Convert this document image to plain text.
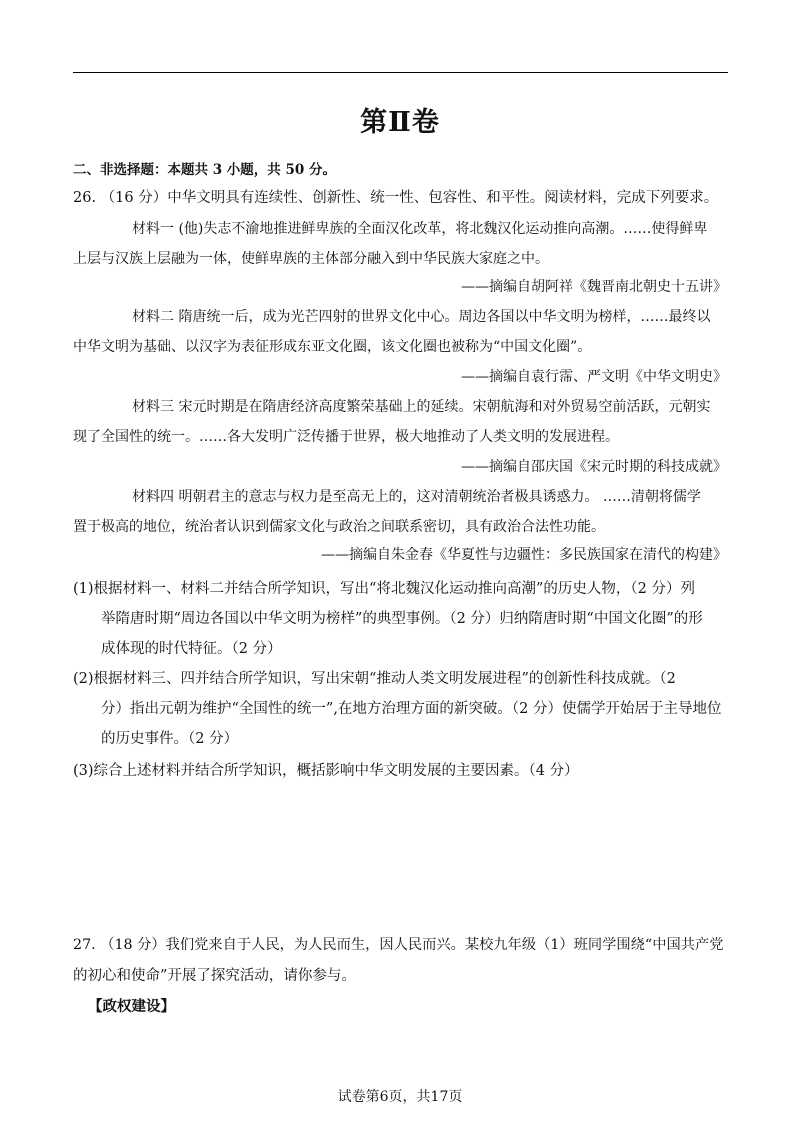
第Ⅱ卷
二、非选择题：本题共 3 小题，共 50 分。
26. （16 分）中华文明具有连续性、创新性、统一性、包容性、和平性。阅读材料，完成下列要求。
材料一 (他)失志不渝地推进鲜卑族的全面汉化改革，将北魏汉化运动推向高潮。……使得鲜卑
上层与汉族上层融为一体，使鲜卑族的主体部分融入到中华民族大家庭之中。
——摘编自胡阿祥《魏晋南北朝史十五讲》
材料二 隋唐统一后，成为光芒四射的世界文化中心。周边各国以中华文明为榜样，……最终以
中华文明为基础、以汉字为表征形成东亚文化圈，该文化圈也被称为“中国文化圈”。
——摘编自袁行霈、严文明《中华文明史》
材料三 宋元时期是在隋唐经济高度繁荣基础上的延续。宋朝航海和对外贸易空前活跃，元朝实
现了全国性的统一。……各大发明广泛传播于世界，极大地推动了人类文明的发展进程。
——摘编自邵庆国《宋元时期的科技成就》
材料四 明朝君主的意志与权力是至高无上的，这对清朝统治者极具诱惑力。 ……清朝将儒学
置于极高的地位，统治者认识到儒家文化与政治之间联系密切，具有政治合法性功能。
——摘编自朱金春《华夏性与边疆性：多民族国家在清代的构建》
(1)根据材料一、材料二并结合所学知识，写出“将北魏汉化运动推向高潮”的历史人物，（2 分）列
举隋唐时期“周边各国以中华文明为榜样”的典型事例。（2 分）归纳隋唐时期“中国文化圈”的形
成体现的时代特征。（2 分）
(2)根据材料三、四并结合所学知识，写出宋朝“推动人类文明发展进程”的创新性科技成就。（2
分）指出元朝为维护“全国性的统一”,在地方治理方面的新突破。（2 分）使儒学开始居于主导地位
的历史事件。（2 分）
(3)综合上述材料并结合所学知识，概括影响中华文明发展的主要因素。（4 分）
27. （18 分）我们党来自于人民，为人民而生，因人民而兴。某校九年级（1）班同学围绕“中国共产党
的初心和使命”开展了探究活动，请你参与。
【政权建设】
试卷第6页，共17页
